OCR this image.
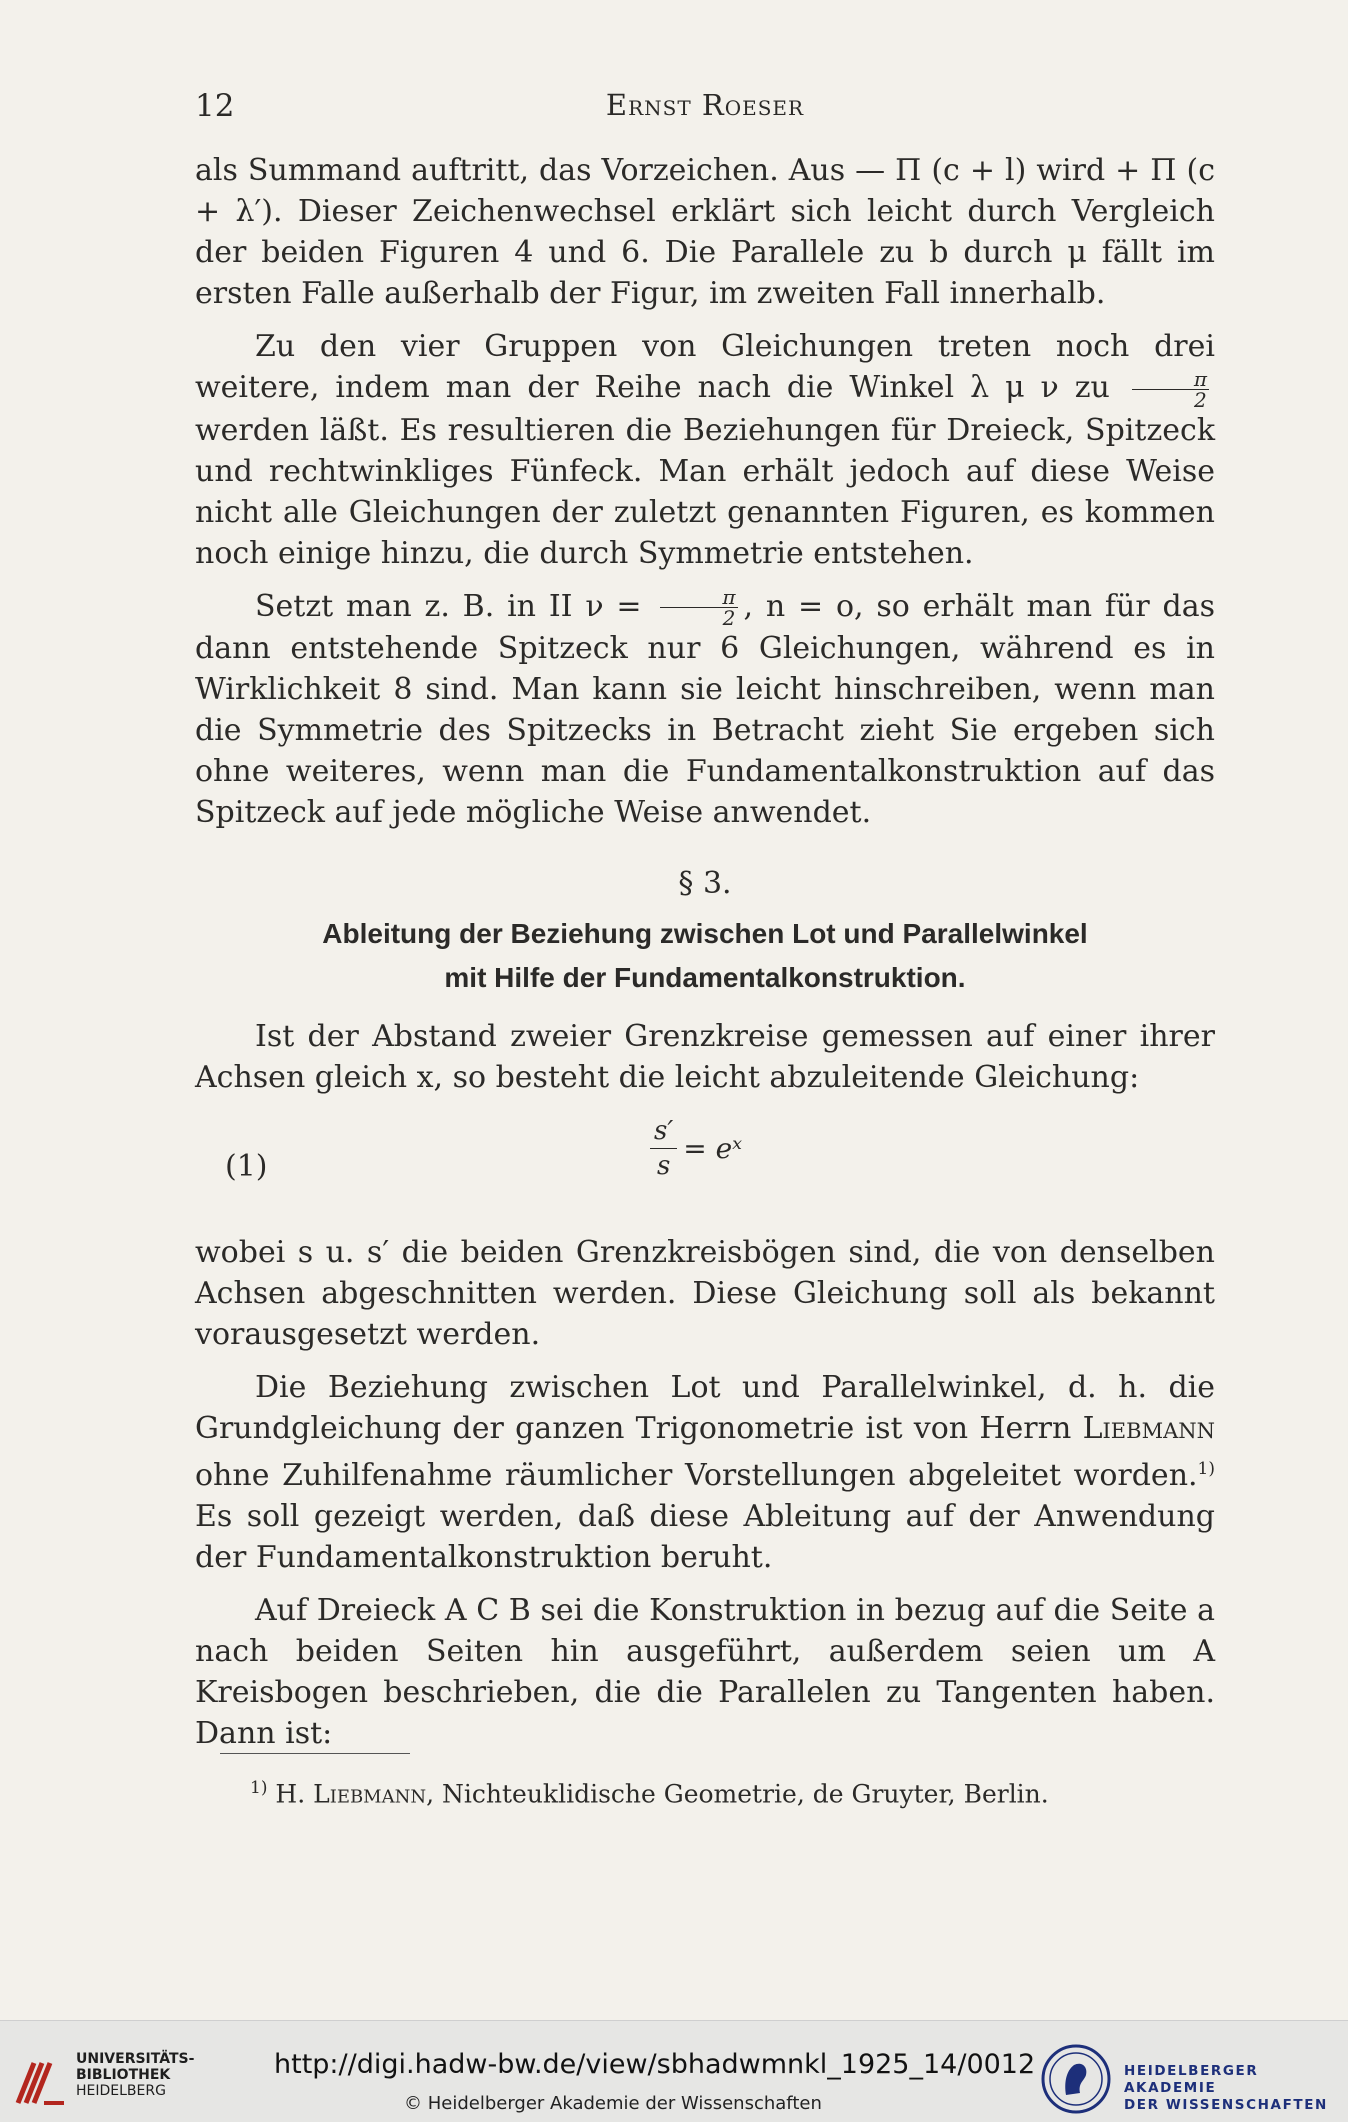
12	Ernst Roeser

als Summand auftritt, das Vorzeichen. Aus — Π (c + l) wird + Π (c + λ′). Dieser Zeichenwechsel erklärt sich leicht durch Vergleich der beiden Figuren 4 und 6. Die Parallele zu b durch μ fällt im ersten Falle außerhalb der Figur, im zweiten Fall innerhalb.

Zu den vier Gruppen von Gleichungen treten noch drei weitere, indem man der Reihe nach die Winkel λ μ ν zu $\frac{\pi}{2}$
werden läßt. Es resultieren die Beziehungen für Dreieck, Spitzeck und rechtwinkliges Fünfeck. Man erhält jedoch auf diese Weise nicht alle Gleichungen der zuletzt genannten Figuren, es kommen noch einige hinzu, die durch Symmetrie entstehen.

Setzt man z. B. in II $\nu = \frac{\pi}{2}$ , n = o, so erhält man für das dann entstehende Spitzeck nur 6 Gleichungen, während es in Wirklichkeit 8 sind. Man kann sie leicht hinschreiben, wenn man die Symmetrie des Spitzecks in Betracht zieht Sie ergeben sich ohne weiteres, wenn man die Fundamentalkonstruktion auf das Spitzeck auf jede mögliche Weise anwendet.

§ 3.

Ableitung der Beziehung zwischen Lot und Parallelwinkel
mit Hilfe der Fundamentalkonstruktion.

Ist der Abstand zweier Grenzkreise gemessen auf einer ihrer Achsen gleich x, so besteht die leicht abzuleitende Gleichung:

(1)	$\frac{s'}{s}$ = eˣ

wobei s u. s′ die beiden Grenzkreisbögen sind, die von denselben Achsen abgeschnitten werden. Diese Gleichung soll als bekannt vorausgesetzt werden.

Die Beziehung zwischen Lot und Parallelwinkel, d. h. die Grundgleichung der ganzen Trigonometrie ist von Herrn Liebmann ohne Zuhilfenahme räumlicher Vorstellungen abgeleitet worden.$^{1)}$ Es soll gezeigt werden, daß diese Ableitung auf der Anwendung der Fundamentalkonstruktion beruht.

Auf Dreieck A C B sei die Konstruktion in bezug auf die Seite a nach beiden Seiten hin ausgeführt, außerdem seien um A Kreisbogen beschrieben, die die Parallelen zu Tangenten haben. Dann ist:

$^{1)}$ H. Liebmann, Nichteuklidische Geometrie, de Gruyter, Berlin.
UNIVERSITÄTS-
BIBLIOTHEK
HEIDELBERG
http://digi.hadw-bw.de/view/sbhadwmnkl_1925_14/0012
© Heidelberger Akademie der Wissenschaften
HEIDELBERGER AKADEMIE
DER WISSENSCHAFTEN
